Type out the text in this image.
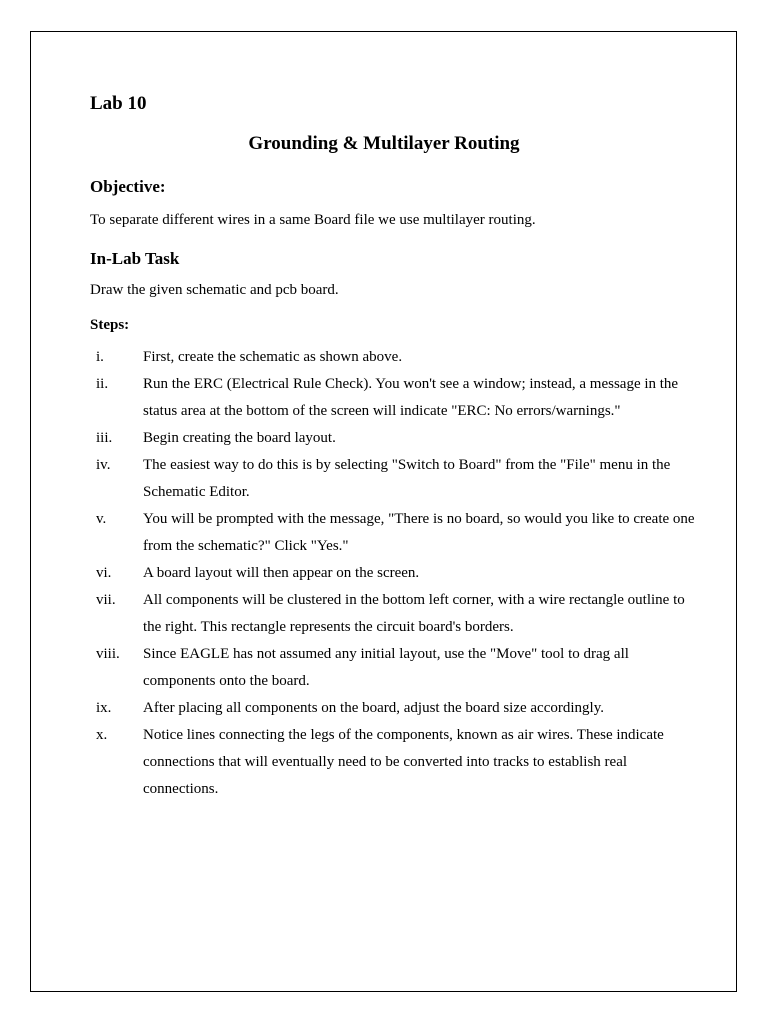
Lab 10
Grounding & Multilayer Routing
Objective:

To separate different wires in a same Board file we use multilayer routing.

In-Lab Task

Draw the given schematic and pcb board.

Steps:

i.	First, create the schematic as shown above.
ii.	Run the ERC (Electrical Rule Check). You won't see a window; instead, a message in the status area at the bottom of the screen will indicate "ERC: No errors/warnings."
iii.	Begin creating the board layout.
iv.	The easiest way to do this is by selecting "Switch to Board" from the "File" menu in the Schematic Editor.
v.	You will be prompted with the message, "There is no board, so would you like to create one from the schematic?" Click "Yes."
vi.	A board layout will then appear on the screen.
vii.	All components will be clustered in the bottom left corner, with a wire rectangle outline to the right. This rectangle represents the circuit board's borders.
viii.	Since EAGLE has not assumed any initial layout, use the "Move" tool to drag all components onto the board.
ix.	After placing all components on the board, adjust the board size accordingly.
x.	Notice lines connecting the legs of the components, known as air wires. These indicate connections that will eventually need to be converted into tracks to establish real connections.
